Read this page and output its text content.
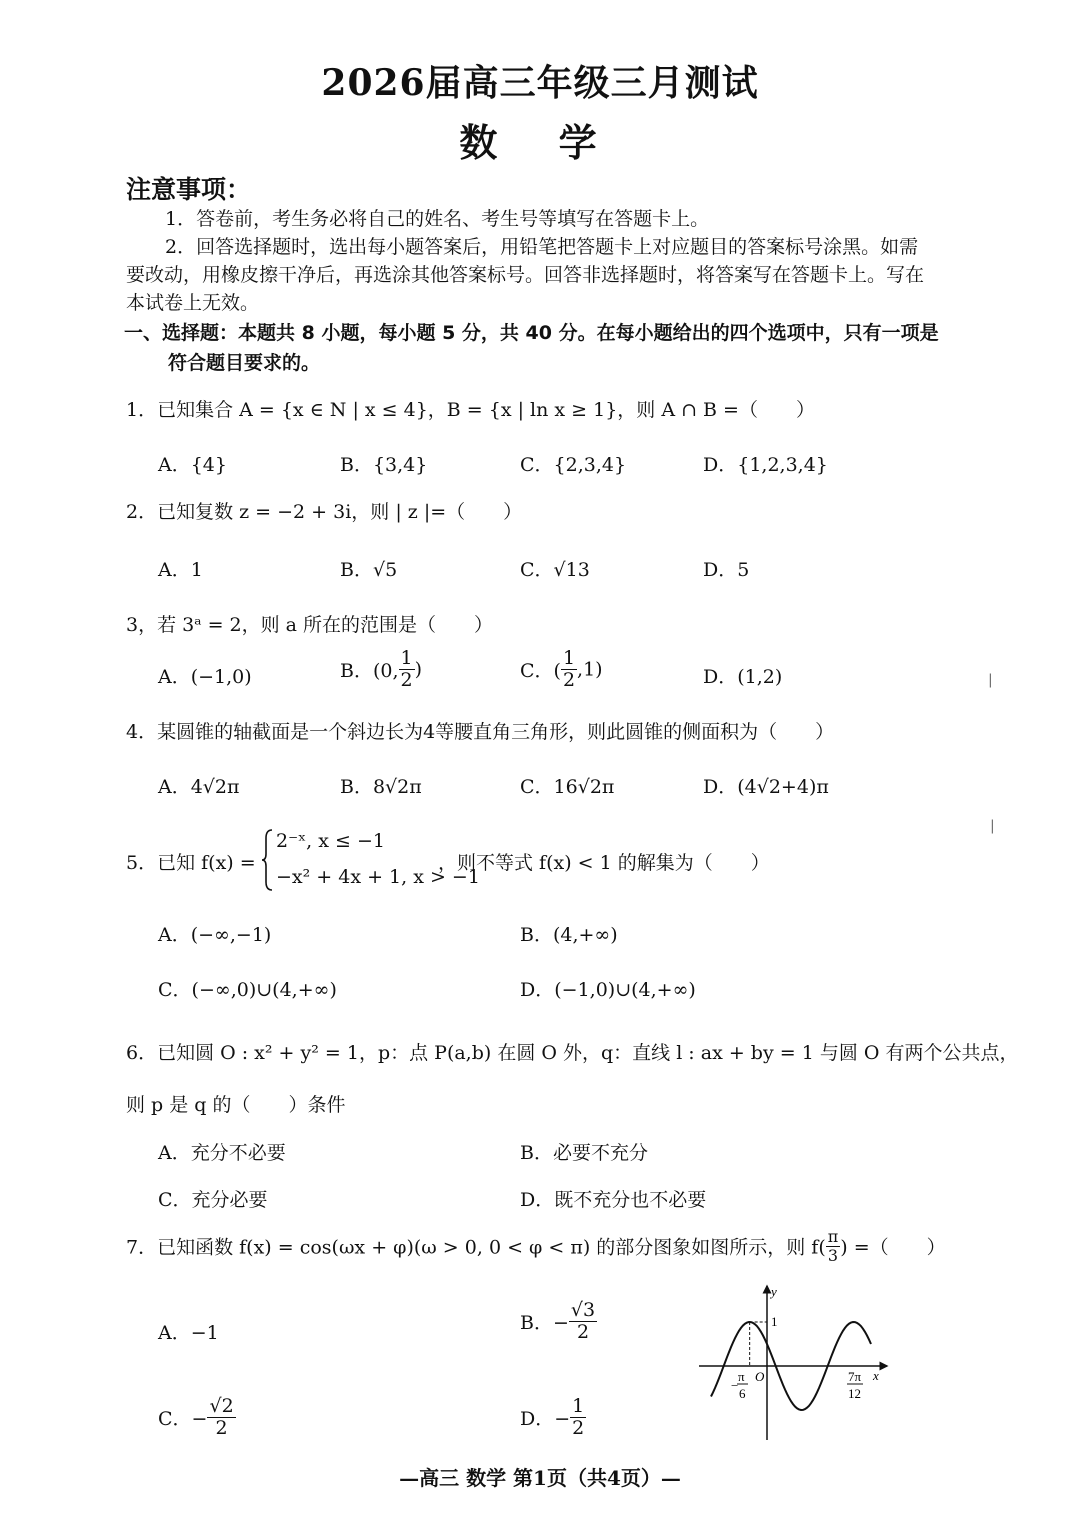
2026届高三年级三月测试
数 学
注意事项：
1．答卷前，考生务必将自己的姓名、考生号等填写在答题卡上。
2．回答选择题时，选出每小题答案后，用铅笔把答题卡上对应题目的答案标号涂黑。如需
要改动，用橡皮擦干净后，再选涂其他答案标号。回答非选择题时，将答案写在答题卡上。写在
本试卷上无效。
一、选择题：本题共 8 小题，每小题 5 分，共 40 分。在每小题给出的四个选项中，只有一项是
符合题目要求的。
1．已知集合 A = {x ∈ N | x ≤ 4}，B = {x | ln x ≥ 1}，则 A ∩ B =（　　）
A．{4}	B．{3,4}	C．{2,3,4}	D．{1,2,3,4}
2．已知复数 z = −2 + 3i，则 | z |=（　　）
A．1	B．√5	C．√13	D．5
3，若 3ᵃ = 2，则 a 所在的范围是（　　）
A．(−1,0)	B．(0, $\frac{1}{2}$ )	C．( $\frac{1}{2} ,1$)	D．(1,2)
4．某圆锥的轴截面是一个斜边长为4等腰直角三角形，则此圆锥的侧面积为（　　）
A．4√2π	B．8√2π	C．16√2π	D．(4√2+4)π
5．已知 f(x) =
2⁻ˣ, x ≤ −1
−x² + 4x + 1, x > −1
，则不等式 f(x) < 1 的解集为（　　）
A．(−∞,−1)	B．(4,+∞)
C．(−∞,0)∪(4,+∞)	D．(−1,0)∪(4,+∞)
6．已知圆 O : x² + y² = 1，p：点 P(a,b) 在圆 O 外，q：直线 l : ax + by = 1 与圆 O 有两个公共点，
则 p 是 q 的（　　）条件
A．充分不必要	B．必要不充分
C．充分必要	D．既不充分也不必要
7．已知函数 f(x) = cos(ωx + φ)(ω > 0, 0 < φ < π) 的部分图象如图所示，则 $f( \frac{\pi}{3}$ ) =（　　）
A．−1	B．− $\frac{√3}{2}$
C．− $\frac{√2}{2}$	D．− $\frac{1}{2}$
x
y
1
O
−
π
6
7π
12
—高三 数学 第1页（共4页）—
|
|
